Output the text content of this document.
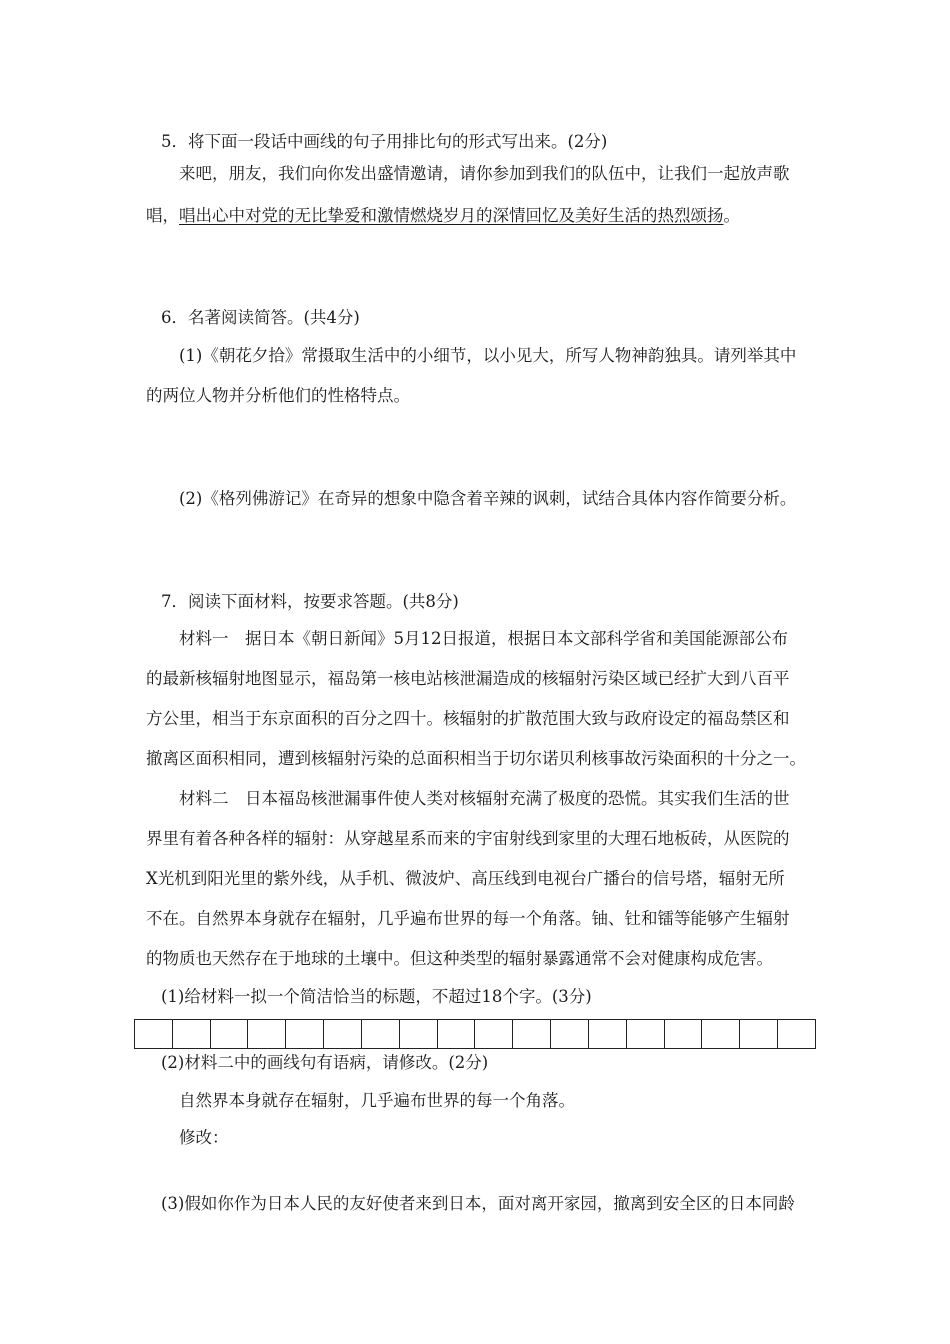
5．将下面一段话中画线的句子用排比句的形式写出来。(2分)
来吧，朋友，我们向你发出盛情邀请，请你参加到我们的队伍中，让我们一起放声歌
唱，唱出心中对党的无比挚爱和激情燃烧岁月的深情回忆及美好生活的热烈颂扬。
6．名著阅读简答。(共4分)
(1)《朝花夕拾》常摄取生活中的小细节，以小见大，所写人物神韵独具。请列举其中
的两位人物并分析他们的性格特点。
(2)《格列佛游记》在奇异的想象中隐含着辛辣的讽刺，试结合具体内容作简要分析。
7．阅读下面材料，按要求答题。(共8分)
材料一　据日本《朝日新闻》5月12日报道，根据日本文部科学省和美国能源部公布
的最新核辐射地图显示，福岛第一核电站核泄漏造成的核辐射污染区域已经扩大到八百平
方公里，相当于东京面积的百分之四十。核辐射的扩散范围大致与政府设定的福岛禁区和
撤离区面积相同，遭到核辐射污染的总面积相当于切尔诺贝利核事故污染面积的十分之一。
材料二　日本福岛核泄漏事件使人类对核辐射充满了极度的恐慌。其实我们生活的世
界里有着各种各样的辐射：从穿越星系而来的宇宙射线到家里的大理石地板砖，从医院的
X光机到阳光里的紫外线，从手机、微波炉、高压线到电视台广播台的信号塔，辐射无所
不在。自然界本身就存在辐射，几乎遍布世界的每一个角落。铀、钍和镭等能够产生辐射
的物质也天然存在于地球的土壤中。但这种类型的辐射暴露通常不会对健康构成危害。
(1)给材料一拟一个简洁恰当的标题，不超过18个字。(3分)
(2)材料二中的画线句有语病，请修改。(2分)
自然界本身就存在辐射，几乎遍布世界的每一个角落。
修改：
(3)假如你作为日本人民的友好使者来到日本，面对离开家园，撤离到安全区的日本同龄
